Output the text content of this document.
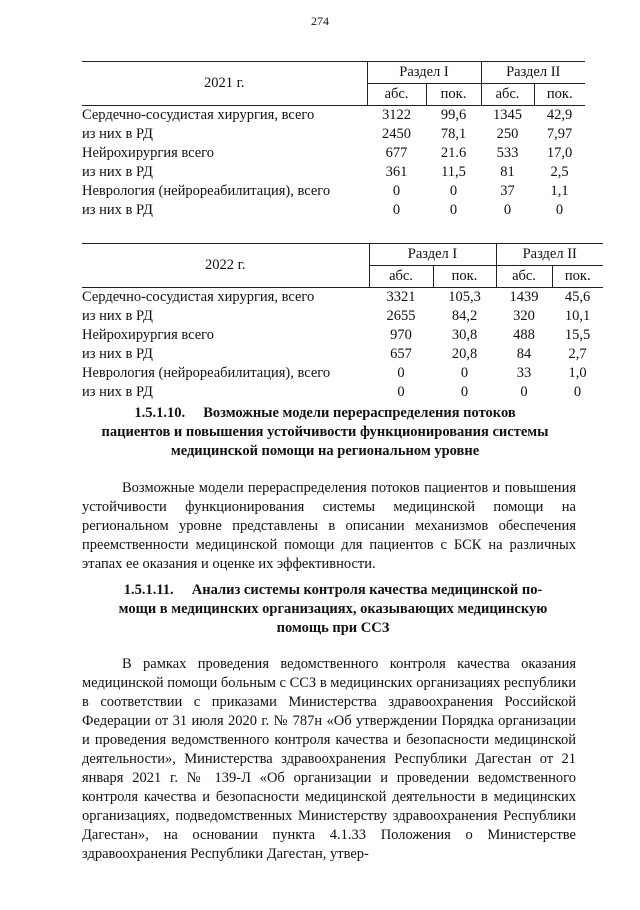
274
2021 г.	Раздел I		Раздел II	
	абс.	пок.	абс.	пок.
Сердечно-сосудистая хирургия, всего	3122	99,6	1345	42,9
из них в РД	2450	78,1	250	7,97
Нейрохирургия всего	677	21.6	533	17,0
из них в РД	361	11,5	81	2,5
Неврология (нейрореабилитация), всего	0	0	37	1,1
из них в РД	0	0	0	0
2022 г.	Раздел I		Раздел II	
	абс.	пок.	абс.	пок.
Сердечно-сосудистая хирургия, всего	3321	105,3	1439	45,6
из них в РД	2655	84,2	320	10,1
Нейрохирургия всего	970	30,8	488	15,5
из них в РД	657	20,8	84	2,7
Неврология (нейрореабилитация), всего	0	0	33	1,0
из них в РД	0	0	0	0
1.5.1.10.     Возможные модели перераспределения потоков
пациентов и повышения устойчивости функционирования системы
медицинской помощи на региональном уровне
Возможные модели перераспределения потоков пациентов и повышения устойчивости функционирования системы медицинской помощи на региональном уровне представлены в описании механизмов обеспечения преемственности медицинской помощи для пациентов с БСК на различных этапах ее оказания и оценке их эффективности.
1.5.1.11.     Анализ системы контроля качества медицинской по-
мощи в медицинских организациях, оказывающих медицинскую
помощь при ССЗ
В рамках проведения ведомственного контроля качества оказания медицинской помощи больным с ССЗ в медицинских организациях республики в соответствии с приказами Министерства здравоохранения Российской Федерации от 31 июля 2020 г. № 787н «Об утверждении Порядка организации и проведения ведомственного контроля качества и безопасности медицинской деятельности», Министерства здравоохранения Республики Дагестан от 21 января 2021 г. № 139-Л «Об организации и проведении ведомственного контроля качества и безопасности медицинской деятельности в медицинских организациях, подведомственных Министерству здравоохранения Республики Дагестан», на основании пункта 4.1.33 Положения о Министерстве здравоохранения Республики Дагестан, утвер-
